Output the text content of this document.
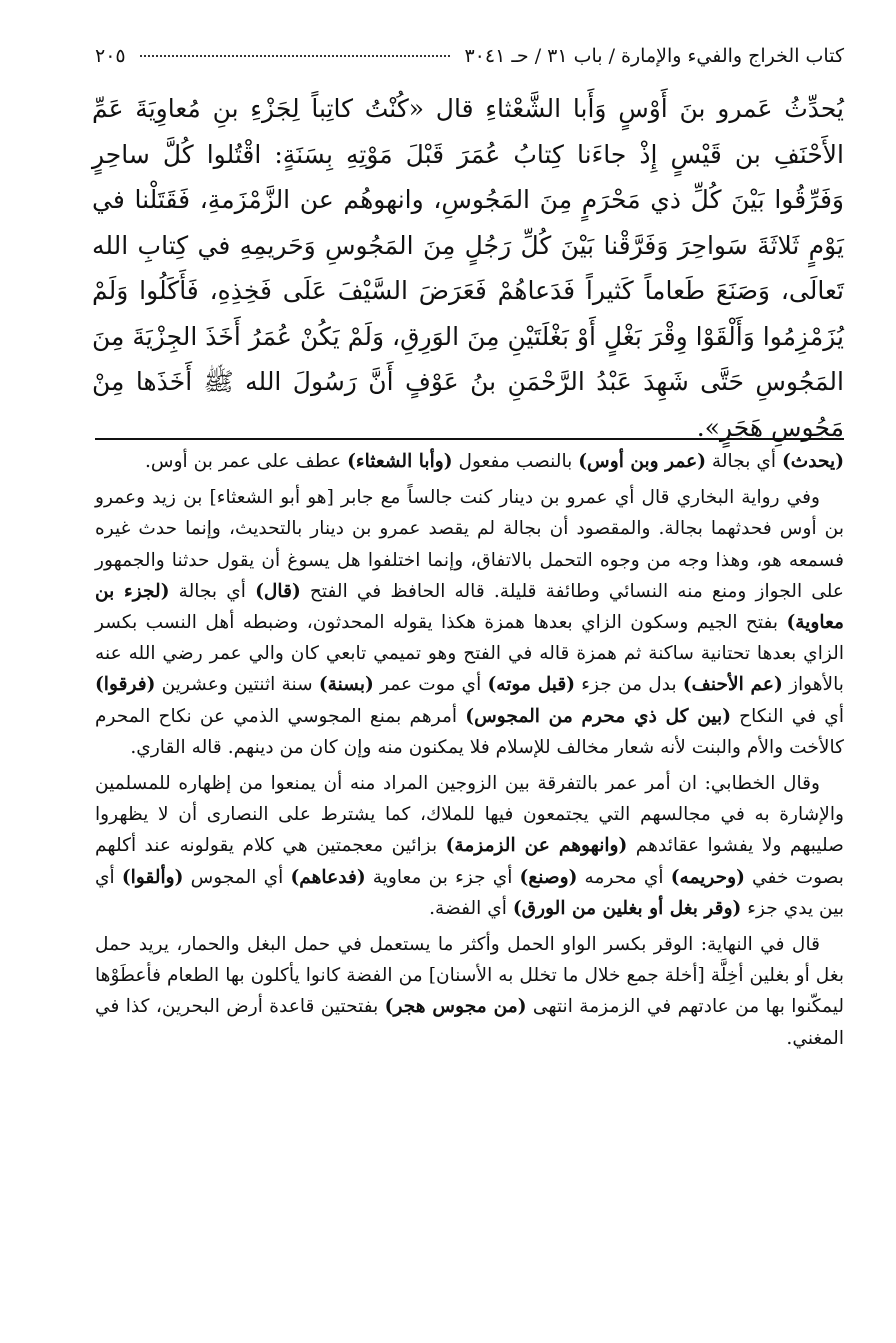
كتاب الخراج والفيء والإمارة / باب ٣١ / حـ ٣٠٤١
٢٠٥
يُحدِّثُ عَمرو بنَ أَوْسٍ وَأَبا الشَّعْثاءِ قال «كُنْتُ كاتِباً لِجَزْءِ بنِ مُعاوِيَةَ عَمِّ الأَحْنَفِ بن قَيْسٍ إِذْ جاءَنا كِتابُ عُمَرَ قَبْلَ مَوْتِهِ بِسَنَةٍ: اقْتُلوا كُلَّ ساحِرٍ وَفَرِّقُوا بَيْنَ كُلِّ ذي مَحْرَمٍ مِنَ المَجُوسِ، وانهوهُم عن الزَّمْزَمةِ، فَقَتَلْنا في يَوْمٍ ثَلاثَةَ سَواحِرَ وَفَرَّقْنا بَيْنَ كُلِّ رَجُلٍ مِنَ المَجُوسِ وَحَريمِهِ في كِتابِ الله تَعالَى، وَصَنَعَ طَعاماً كَثيراً فَدَعاهُمْ فَعَرَضَ السَّيْفَ عَلَى فَخِذِهِ، فَأَكَلُوا وَلَمْ يُزَمْزِمُوا وَأَلْقَوْا وِقْرَ بَغْلٍ أَوْ بَغْلَتَيْنِ مِنَ الوَرِقِ، وَلَمْ يَكُنْ عُمَرُ أَخَذَ الجِزْيَةَ مِنَ المَجُوسِ حَتَّى شَهِدَ عَبْدُ الرَّحْمَنِ بنُ عَوْفٍ أَنَّ رَسُولَ الله ﷺ أَخَذَها مِنْ مَجُوسِ هَجَرٍ».

(يحدث) أي بجالة (عمر وبن أوس) بالنصب مفعول (وأبا الشعثاء) عطف على عمر بن أوس.

وفي رواية البخاري قال أي عمرو بن دينار كنت جالساً مع جابر [هو أبو الشعثاء] بن زيد وعمرو بن أوس فحدثهما بجالة. والمقصود أن بجالة لم يقصد عمرو بن دينار بالتحديث، وإنما حدث غيره فسمعه هو، وهذا وجه من وجوه التحمل بالاتفاق، وإنما اختلفوا هل يسوغ أن يقول حدثنا والجمهور على الجواز ومنع منه النسائي وطائفة قليلة. قاله الحافظ في الفتح (قال) أي بجالة (لجزء بن معاوية) بفتح الجيم وسكون الزاي بعدها همزة هكذا يقوله المحدثون، وضبطه أهل النسب بكسر الزاي بعدها تحتانية ساكنة ثم همزة قاله في الفتح وهو تميمي تابعي كان والي عمر رضي الله عنه بالأهواز (عم الأحنف) بدل من جزء (قبل موته) أي موت عمر (بسنة) سنة اثنتين وعشرين (فرقوا) أي في النكاح (بين كل ذي محرم من المجوس) أمرهم بمنع المجوسي الذمي عن نكاح المحرم كالأخت والأم والبنت لأنه شعار مخالف للإسلام فلا يمكنون منه وإن كان من دينهم. قاله القاري.

وقال الخطابي: ان أمر عمر بالتفرقة بين الزوجين المراد منه أن يمنعوا من إظهاره للمسلمين والإشارة به في مجالسهم التي يجتمعون فيها للملاك، كما يشترط على النصارى أن لا يظهروا صليبهم ولا يفشوا عقائدهم (وانهوهم عن الزمزمة) بزائين معجمتين هي كلام يقولونه عند أكلهم بصوت خفي (وحريمه) أي محرمه (وصنع) أي جزء بن معاوية (فدعاهم) أي المجوس (وألقوا) أي بين يدي جزء (وقر بغل أو بغلين من الورق) أي الفضة.

قال في النهاية: الوقر بكسر الواو الحمل وأكثر ما يستعمل في حمل البغل والحمار، يريد حمل بغل أو بغلين أخِلَّة [أخلة جمع خلال ما تخلل به الأسنان] من الفضة كانوا يأكلون بها الطعام فأعطَوْها ليمكّنوا بها من عادتهم في الزمزمة انتهى (من مجوس هجر) بفتحتين قاعدة أرض البحرين، كذا في المغني.
